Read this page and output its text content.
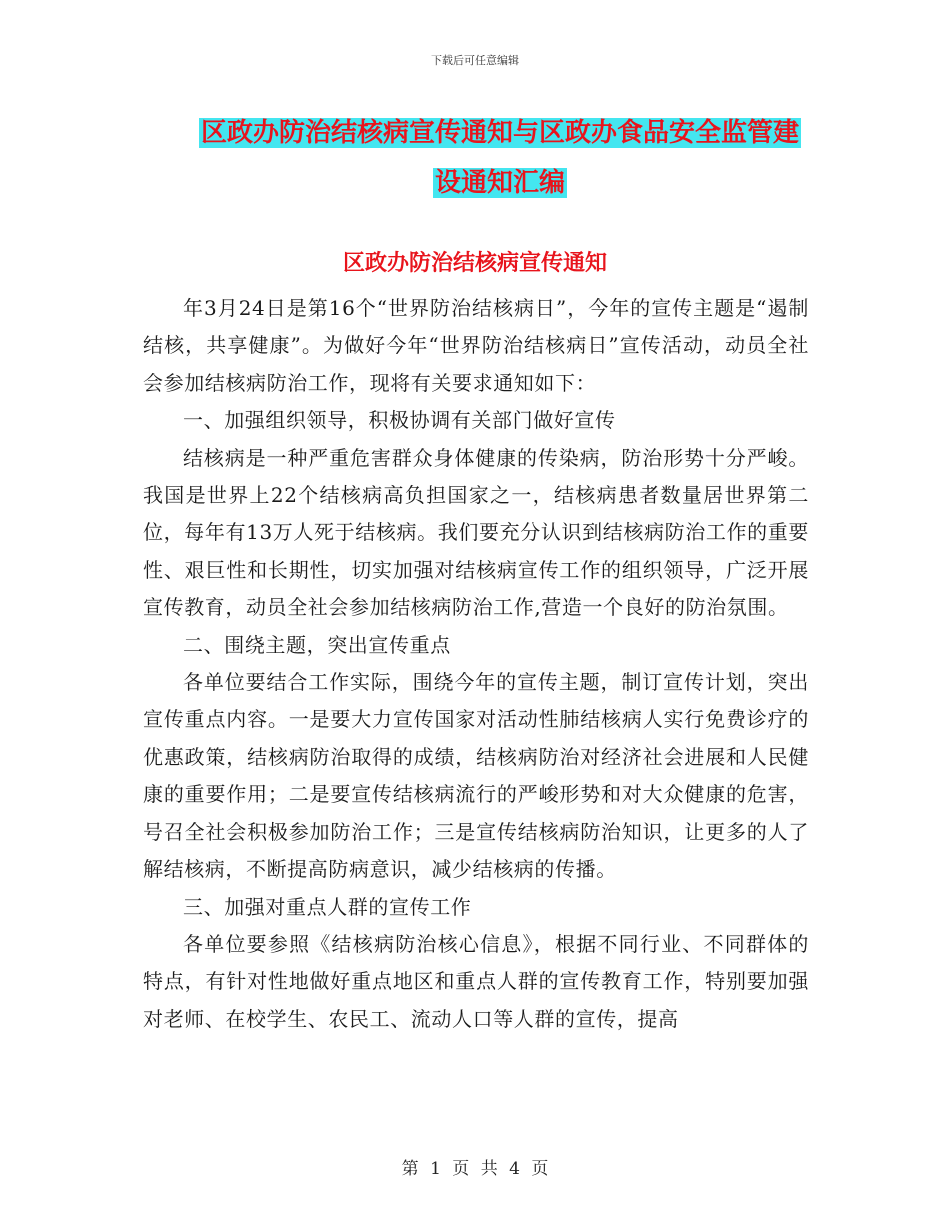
下载后可任意编辑
区政办防治结核病宣传通知与区政办食品安全监管建
设通知汇编
区政办防治结核病宣传通知

年3月24日是第16个“世界防治结核病日”，今年的宣传主题是“遏制结核，共享健康”。为做好今年“世界防治结核病日”宣传活动，动员全社会参加结核病防治工作，现将有关要求通知如下：

一、加强组织领导，积极协调有关部门做好宣传

结核病是一种严重危害群众身体健康的传染病，防治形势十分严峻。我国是世界上22个结核病高负担国家之一，结核病患者数量居世界第二位，每年有13万人死于结核病。我们要充分认识到结核病防治工作的重要性、艰巨性和长期性，切实加强对结核病宣传工作的组织领导，广泛开展宣传教育，动员全社会参加结核病防治工作,营造一个良好的防治氛围。

二、围绕主题，突出宣传重点

各单位要结合工作实际，围绕今年的宣传主题，制订宣传计划，突出宣传重点内容。一是要大力宣传国家对活动性肺结核病人实行免费诊疗的优惠政策，结核病防治取得的成绩，结核病防治对经济社会进展和人民健康的重要作用；二是要宣传结核病流行的严峻形势和对大众健康的危害，号召全社会积极参加防治工作；三是宣传结核病防治知识，让更多的人了解结核病，不断提高防病意识，减少结核病的传播。

三、加强对重点人群的宣传工作

各单位要参照《结核病防治核心信息》，根据不同行业、不同群体的特点，有针对性地做好重点地区和重点人群的宣传教育工作，特别要加强对老师、在校学生、农民工、流动人口等人群的宣传，提高

第 1 页 共 4 页
